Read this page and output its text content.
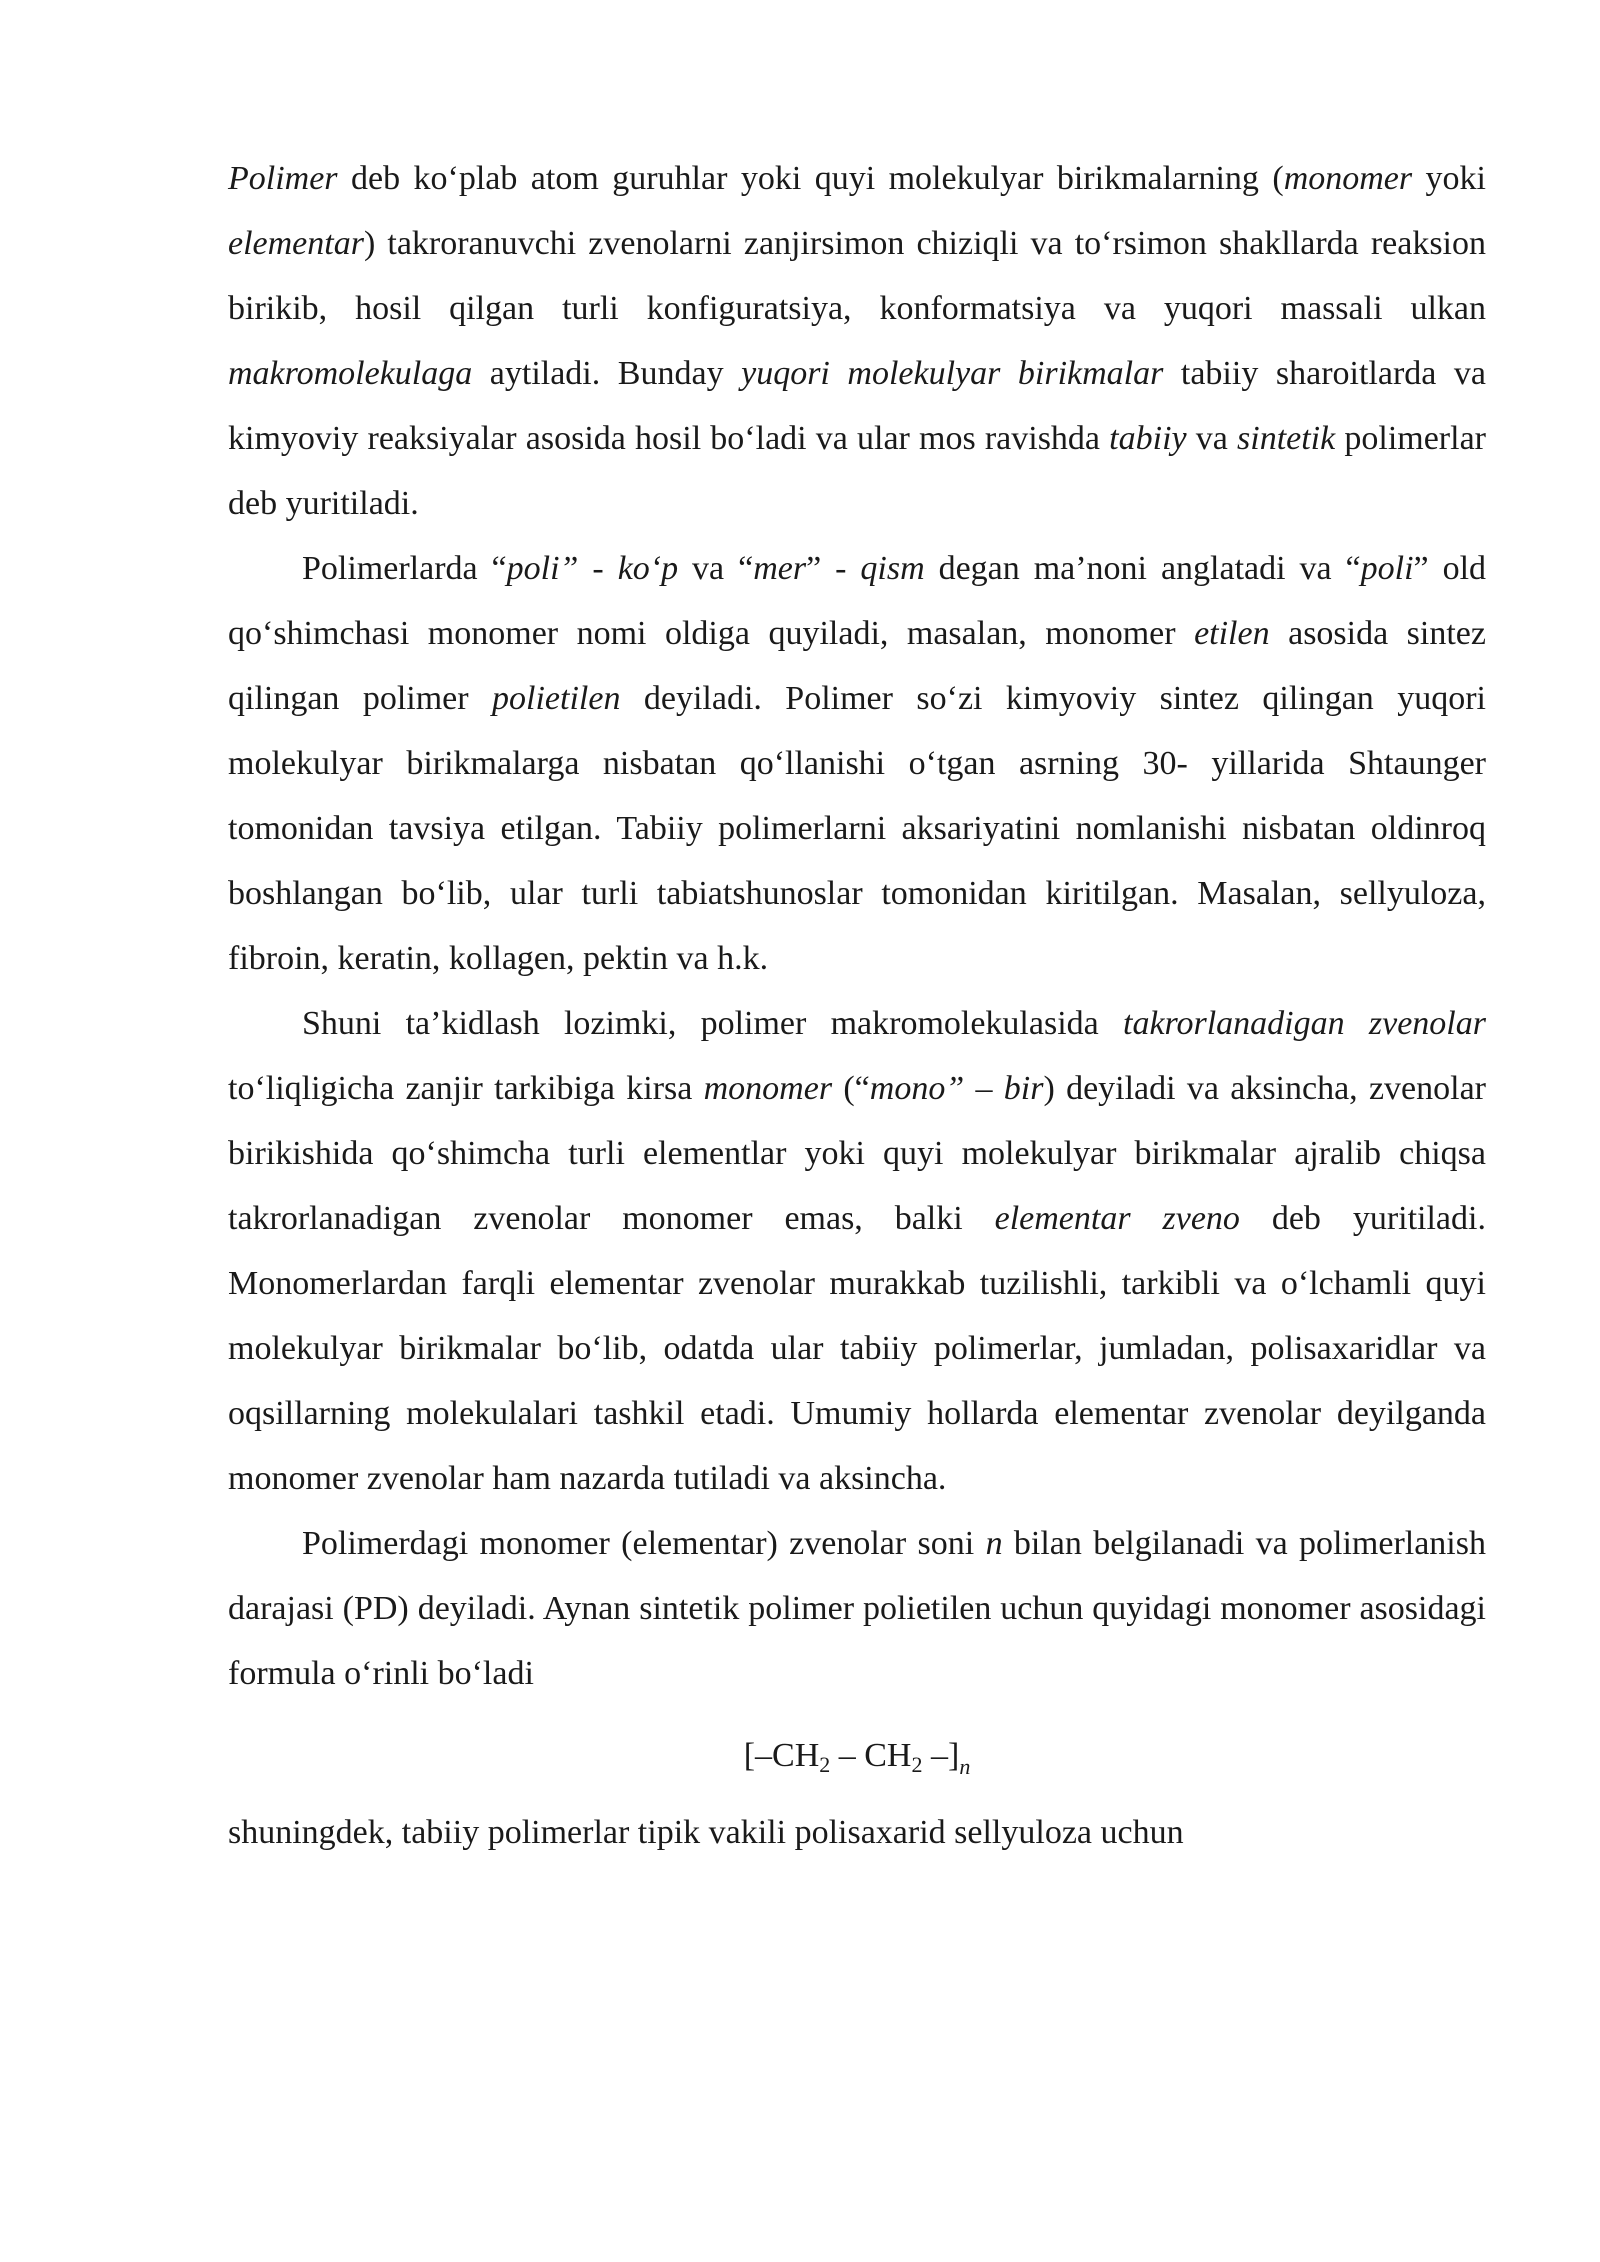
Polimer deb ko‘plab atom guruhlar yoki quyi molekulyar birikmalarning (monomer yoki elementar) takroranuvchi zvenolarni zanjirsimon chiziqli va to‘rsimon shakllarda reaksion birikib, hosil qilgan turli konfiguratsiya, konformatsiya va yuqori massali ulkan makromolekulaga aytiladi. Bunday yuqori molekulyar birikmalar tabiiy sharoitlarda va kimyoviy reaksiyalar asosida hosil bo‘ladi va ular mos ravishda tabiiy va sintetik polimerlar deb yuritiladi.

Polimerlarda “poli” - ko‘p va “mer” - qism degan ma’noni anglatadi va “poli” old qo‘shimchasi monomer nomi oldiga quyiladi, masalan, monomer etilen asosida sintez qilingan polimer polietilen deyiladi. Polimer so‘zi kimyoviy sintez qilingan yuqori molekulyar birikmalarga nisbatan qo‘llanishi o‘tgan asrning 30- yillarida Shtaunger tomonidan tavsiya etilgan. Tabiiy polimerlarni aksariyatini nomlanishi nisbatan oldinroq boshlangan bo‘lib, ular turli tabiatshunoslar tomonidan kiritilgan. Masalan, sellyuloza, fibroin, keratin, kollagen, pektin va h.k.

Shuni ta’kidlash lozimki, polimer makromolekulasida takrorlanadigan zvenolar to‘liqligicha zanjir tarkibiga kirsa monomer (“mono” – bir) deyiladi va aksincha, zvenolar birikishida qo‘shimcha turli elementlar yoki quyi molekulyar birikmalar ajralib chiqsa takrorlanadigan zvenolar monomer emas, balki elementar zveno deb yuritiladi. Monomerlardan farqli elementar zvenolar murakkab tuzilishli, tarkibli va o‘lchamli quyi molekulyar birikmalar bo‘lib, odatda ular tabiiy polimerlar, jumladan, polisaxaridlar va oqsillarning molekulalari tashkil etadi. Umumiy hollarda elementar zvenolar deyilganda monomer zvenolar ham nazarda tutiladi va aksincha.

Polimerdagi monomer (elementar) zvenolar soni n bilan belgilanadi va polimerlanish darajasi (PD) deyiladi. Aynan sintetik polimer polietilen uchun quyidagi monomer asosidagi formula o‘rinli bo‘ladi

[$-CH_2 - CH_2$ $-]_n$

shuningdek, tabiiy polimerlar tipik vakili polisaxarid sellyuloza uchun
